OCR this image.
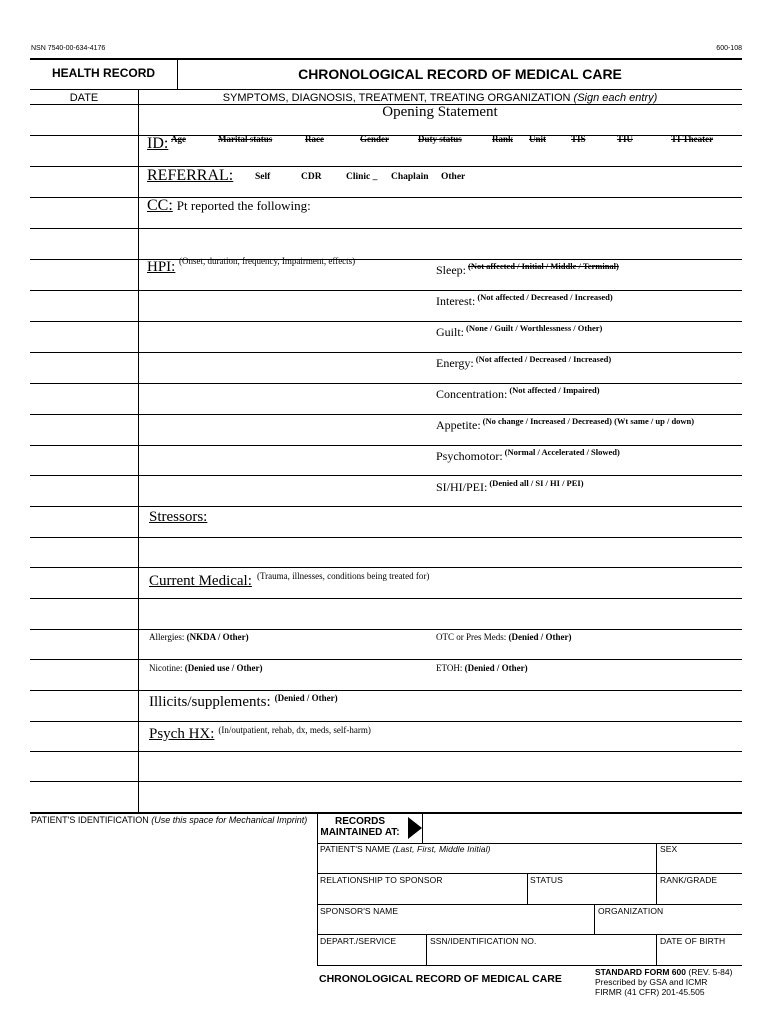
NSN 7540-00-634-4176	600-108
HEALTH RECORD	CHRONOLOGICAL RECORD OF MEDICAL CARE
DATE	SYMPTOMS, DIAGNOSIS, TREATMENT, TREATING ORGANIZATION (Sign each entry)
Opening Statement
ID: Age	Marital status	Race	Gender	Duty status	Rank Unit	TIS	TIU	TI Theater
REFERRAL: Self	CDR	Clinic _ Chaplain Other
CC: Pt reported the following:
HPI: (Onset, duration, frequency, Impairment, effects)
Sleep: $^{(Not affected / Initial / Middle / Terminal)}$
Interest: $^{(Not affected / Decreased / Increased)}$
Guilt: $^{(None / Guilt / Worthlessness / Other)}$
Energy: $^{(Not affected / Decreased / Increased)}$
Concentration: $^{(Not affected / Impaired)}$
Appetite: $^{(No change / Increased / Decreased) (Wt same / up / down)}$
Psychomotor: $^{(Normal / Accelerated / Slowed)}$
SI/HI/PEI: $^{(Denied all / SI / HI / PEI)}$
Stressors:
Current Medical: (Trauma, illnesses, conditions being treated for)
Allergies: (NKDA / Other)	OTC or Pres Meds: (Denied / Other)
Nicotine: (Denied use / Other)	ETOH: (Denied / Other)
Illicits/supplements: $^{(Denied / Other)}$
Psych HX: $^{(In/outpatient, rehab, dx, meds, self-harm)}$
PATIENT'S IDENTIFICATION (Use this space for Mechanical Imprint)	RECORDS
MAINTAINED AT:
PATIENT'S NAME (Last, First, Middle Initial)	SEX
RELATIONSHIP TO SPONSOR	STATUS	RANK/GRADE
SPONSOR'S NAME	ORGANIZATION
DEPART./SERVICE	SSN/IDENTIFICATION NO.	DATE OF BIRTH
CHRONOLOGICAL RECORD OF MEDICAL CARE
STANDARD FORM 600 (REV. 5-84)
Prescribed by GSA and ICMR
FIRMR (41 CFR) 201-45.505
